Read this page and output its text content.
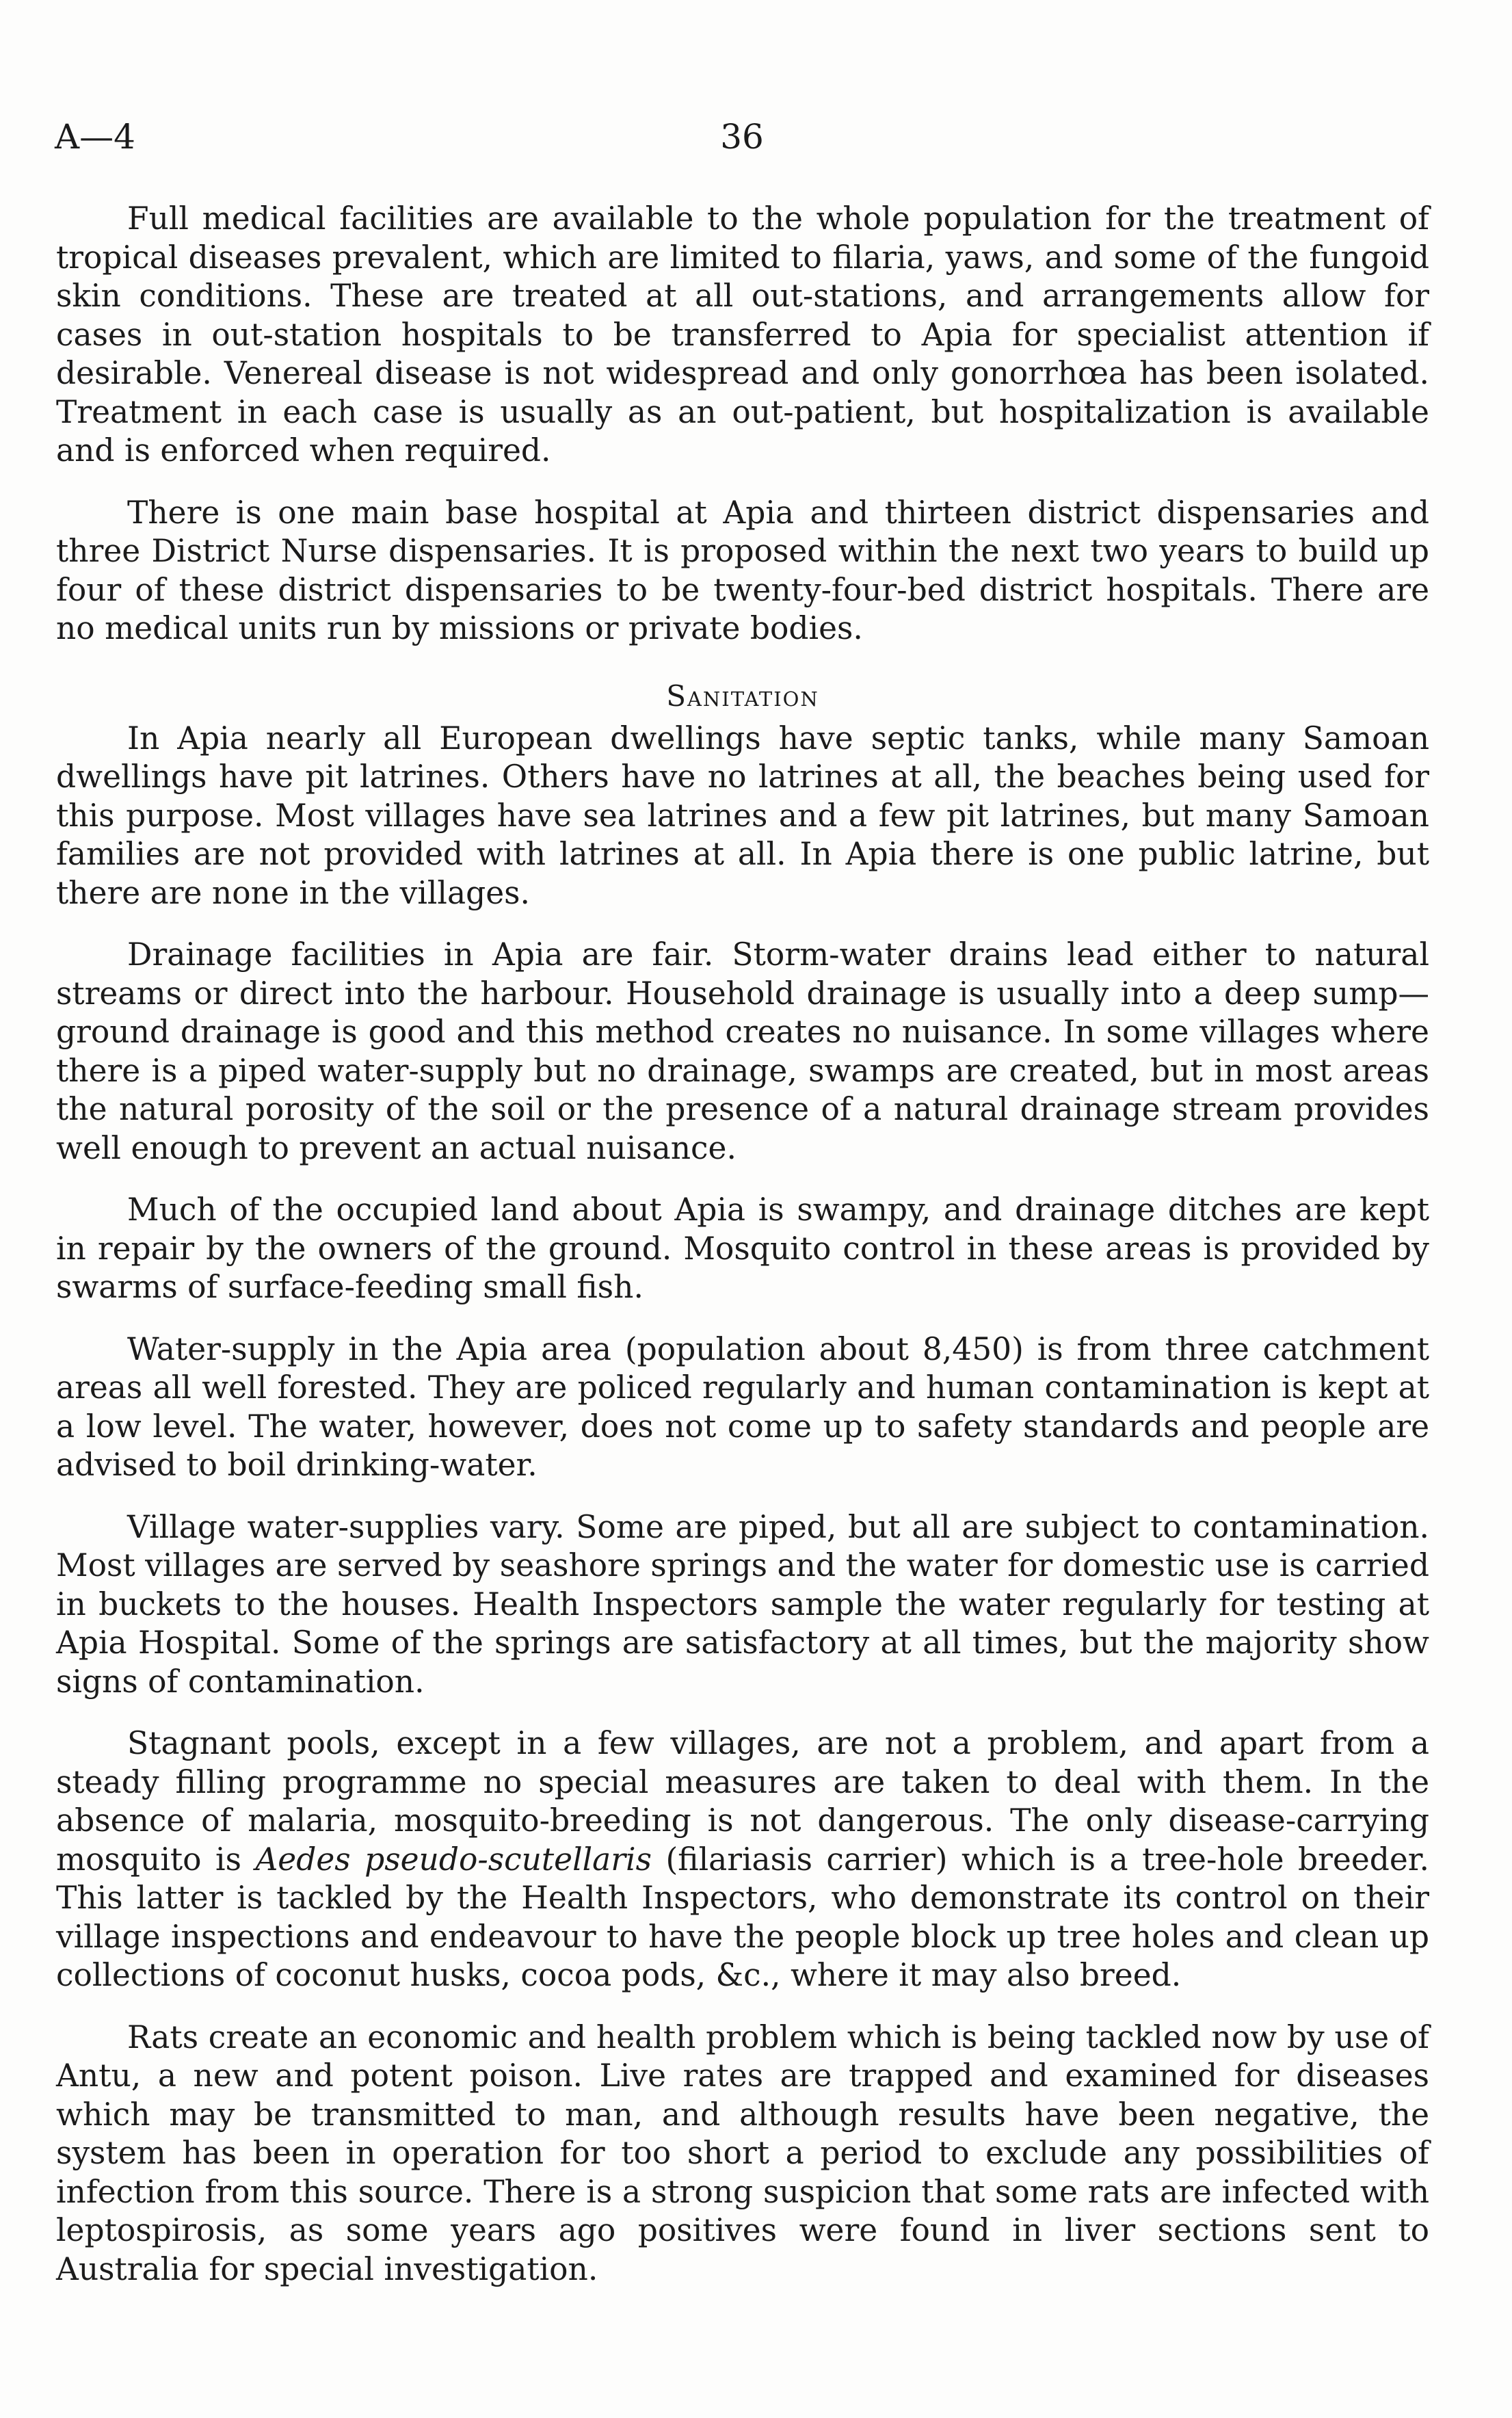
A—4	36

Full medical facilities are available to the whole population for the treatment of tropical diseases prevalent, which are limited to filaria, yaws, and some of the fungoid skin conditions. These are treated at all out-stations, and arrangements allow for cases in out-station hospitals to be transferred to Apia for specialist attention if desirable. Venereal disease is not widespread and only gonorrhœa has been isolated. Treatment in each case is usually as an out-patient, but hospitalization is available and is enforced when required.

There is one main base hospital at Apia and thirteen district dispensaries and three District Nurse dispensaries. It is proposed within the next two years to build up four of these district dispensaries to be twenty-four-bed district hospitals. There are no medical units run by missions or private bodies.

Sanitation

In Apia nearly all European dwellings have septic tanks, while many Samoan dwellings have pit latrines. Others have no latrines at all, the beaches being used for this purpose. Most villages have sea latrines and a few pit latrines, but many Samoan families are not provided with latrines at all. In Apia there is one public latrine, but there are none in the villages.

Drainage facilities in Apia are fair. Storm-water drains lead either to natural streams or direct into the harbour. Household drainage is usually into a deep sump—ground drainage is good and this method creates no nuisance. In some villages where there is a piped water-supply but no drainage, swamps are created, but in most areas the natural porosity of the soil or the presence of a natural drainage stream provides well enough to prevent an actual nuisance.

Much of the occupied land about Apia is swampy, and drainage ditches are kept in repair by the owners of the ground. Mosquito control in these areas is provided by swarms of surface-feeding small fish.

Water-supply in the Apia area (population about 8,450) is from three catchment areas all well forested. They are policed regularly and human contamination is kept at a low level. The water, however, does not come up to safety standards and people are advised to boil drinking-water.

Village water-supplies vary. Some are piped, but all are subject to contamination. Most villages are served by seashore springs and the water for domestic use is carried in buckets to the houses. Health Inspectors sample the water regularly for testing at Apia Hospital. Some of the springs are satisfactory at all times, but the majority show signs of contamination.

Stagnant pools, except in a few villages, are not a problem, and apart from a steady filling programme no special measures are taken to deal with them. In the absence of malaria, mosquito-breeding is not dangerous. The only disease-carrying mosquito is Aedes pseudo-scutellaris (filariasis carrier) which is a tree-hole breeder. This latter is tackled by the Health Inspectors, who demonstrate its control on their village inspections and endeavour to have the people block up tree holes and clean up collections of coconut husks, cocoa pods, &c., where it may also breed.

Rats create an economic and health problem which is being tackled now by use of Antu, a new and potent poison. Live rates are trapped and examined for diseases which may be transmitted to man, and although results have been negative, the system has been in operation for too short a period to exclude any possibilities of infection from this source. There is a strong suspicion that some rats are infected with leptospirosis, as some years ago positives were found in liver sections sent to Australia for special investigation.
